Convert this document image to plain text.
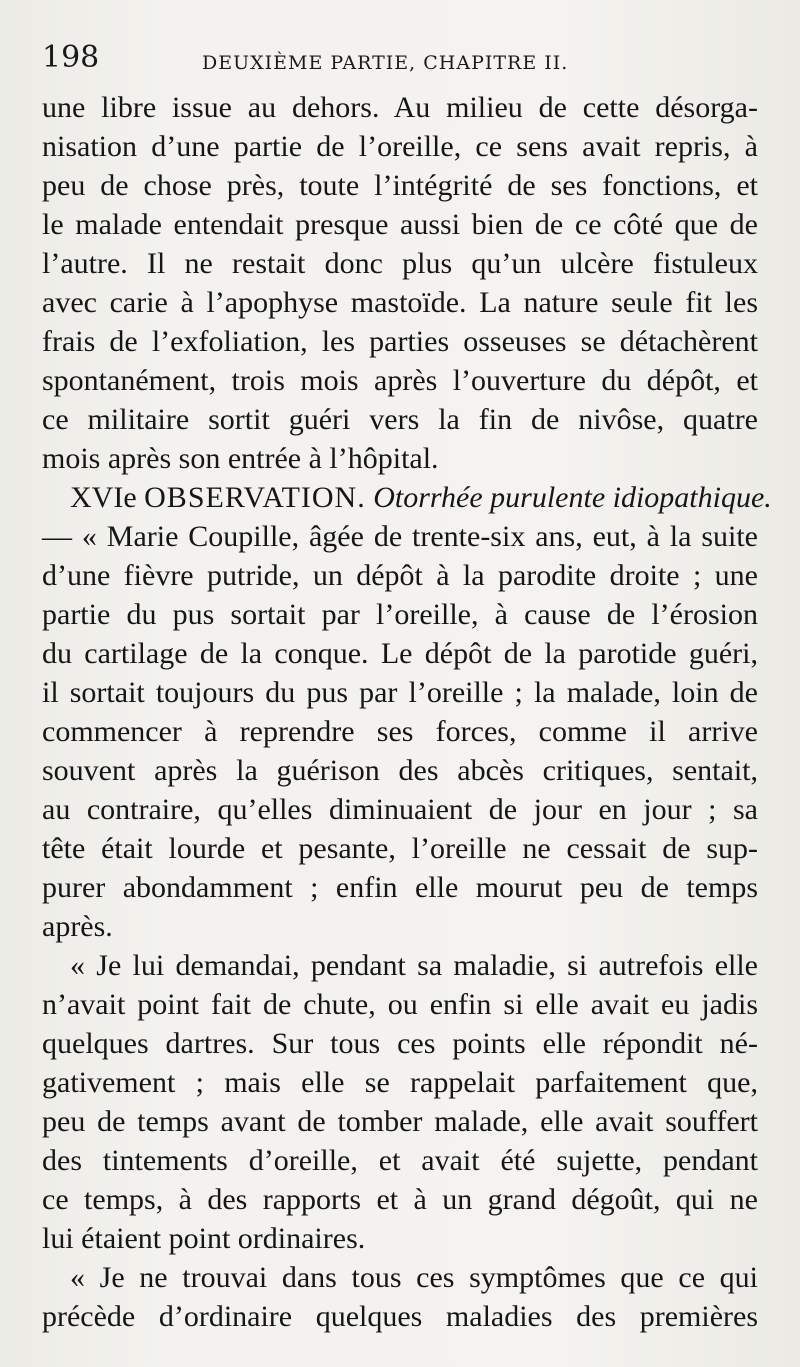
198	DEUXIÈME PARTIE, CHAPITRE II.
une libre issue au dehors. Au milieu de cette désorga-
nisation d’une partie de l’oreille, ce sens avait repris, à
peu de chose près, toute l’intégrité de ses fonctions, et
le malade entendait presque aussi bien de ce côté que de
l’autre. Il ne restait donc plus qu’un ulcère fistuleux
avec carie à l’apophyse mastoïde. La nature seule fit les
frais de l’exfoliation, les parties osseuses se détachèrent
spontanément, trois mois après l’ouverture du dépôt, et
ce militaire sortit guéri vers la fin de nivôse, quatre
mois après son entrée à l’hôpital.
XVIe OBSERVATION. Otorrhée purulente idiopathique.
— « Marie Coupille, âgée de trente-six ans, eut, à la suite
d’une fièvre putride, un dépôt à la parodite droite ; une
partie du pus sortait par l’oreille, à cause de l’érosion
du cartilage de la conque. Le dépôt de la parotide guéri,
il sortait toujours du pus par l’oreille ; la malade, loin de
commencer à reprendre ses forces, comme il arrive
souvent après la guérison des abcès critiques, sentait,
au contraire, qu’elles diminuaient de jour en jour ; sa
tête était lourde et pesante, l’oreille ne cessait de sup-
purer abondamment ; enfin elle mourut peu de temps
après.
« Je lui demandai, pendant sa maladie, si autrefois elle
n’avait point fait de chute, ou enfin si elle avait eu jadis
quelques dartres. Sur tous ces points elle répondit né-
gativement ; mais elle se rappelait parfaitement que,
peu de temps avant de tomber malade, elle avait souffert
des tintements d’oreille, et avait été sujette, pendant
ce temps, à des rapports et à un grand dégoût, qui ne
lui étaient point ordinaires.
« Je ne trouvai dans tous ces symptômes que ce qui
précède d’ordinaire quelques maladies des premières
